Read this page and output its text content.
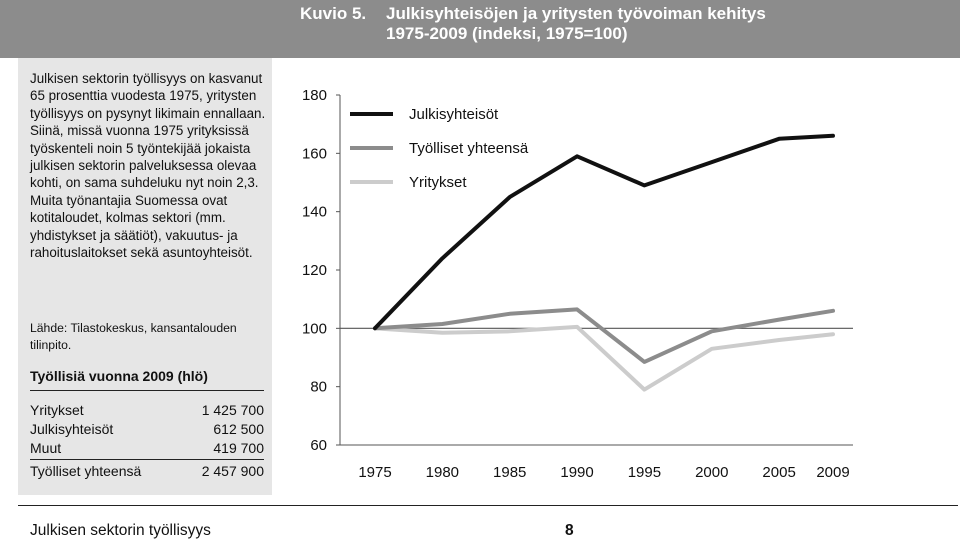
Kuvio 5. Julkisyhteisöjen ja yritysten työvoiman kehitys
1975-2009 (indeksi, 1975=100)
Julkisen sektorin työllisyys on kasvanut 65 prosenttia vuodesta 1975, yritysten työllisyys on pysynyt likimain ennallaan. Siinä, missä vuonna 1975 yrityksissä työskenteli noin 5 työntekijää jokaista julkisen sektorin palveluksessa olevaa kohti, on sama suhdeluku nyt noin 2,3. Muita työnantajia Suomessa ovat kotitaloudet, kolmas sektori (mm. yhdistykset ja säätiöt), vakuutus- ja rahoituslaitokset sekä asuntoyhteisöt.
Lähde: Tilastokeskus, kansantalouden tilinpito.
Työllisiä vuonna 2009 (hlö)
Yritykset	1 425 700
Julkisyhteisöt	612 500
Muut	419 700
Työlliset yhteensä	2 457 900
60
80
100
120
140
160
180
1975 1980 1985 1990 1995 2000 2005 2009
Julkisyhteisöt
Työlliset yhteensä
Yritykset
Julkisen sektorin työllisyys	8
